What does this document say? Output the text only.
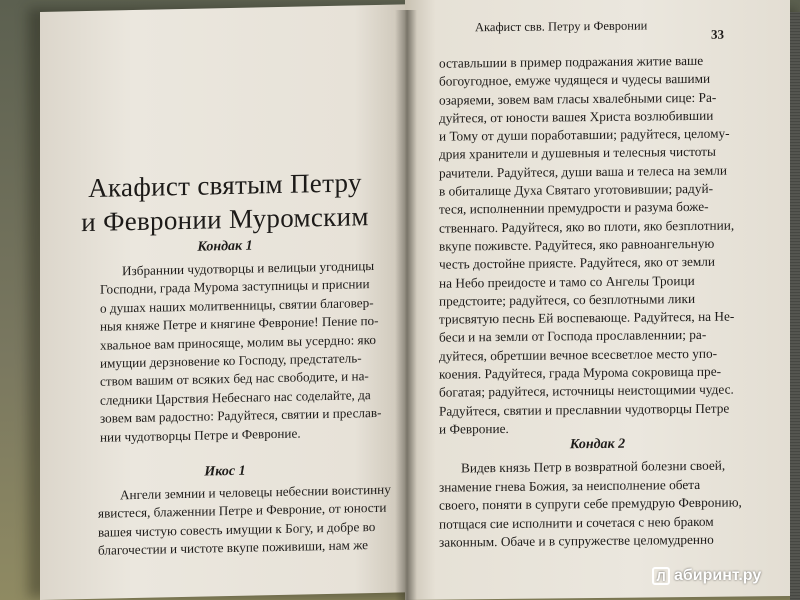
Акафист святым Петру
и Февронии Муромским
Кондак 1
Избраннии чудотворцы и велицыи угодницы
Господни, града Мурома заступницы и приснии
о душах наших молитвенницы, святии благовер-
ныя княже Петре и княгине Февроние! Пение по-
хвальное вам приносяще, молим вы усердно: яко
имущии дерзновение ко Господу, предстатель-
ством вашим от всяких бед нас свободите, и на-
следники Царствия Небеснаго нас соделайте, да
зовем вам радостно: Радуйтеся, святии и преслав-
нии чудотворцы Петре и Февроние.
Икос 1
Ангели земнии и человецы небеснии воистинну
явистеся, блаженнии Петре и Февроние, от юности
вашея чистую совесть имущии к Богу, и добре во
благочестии и чистоте вкупе поживиши, нам же
Акафист свв. Петру и Февронии	33
оставльшии в пример подражания житие ваше
богоугодное, емуже чудящеся и чудесы вашими
озаряеми, зовем вам гласы хвалебными сице: Ра-
дуйтеся, от юности вашея Христа возлюбившии
и Тому от души поработавшии; радуйтеся, целому-
дрия хранители и душевныя и телесныя чистоты
рачители. Радуйтеся, души ваша и телеса на земли
в обиталище Духа Святаго уготовившии; радуй-
теся, исполненнии премудрости и разума боже-
ственнаго. Радуйтеся, яко во плоти, яко безплотнии,
вкупе поживсте. Радуйтеся, яко равноангельную
честь достойне приясте. Радуйтеся, яко от земли
на Небо преидосте и тамо со Ангелы Троици
предстоите; радуйтеся, со безплотными лики
трисвятую песнь Ей воспевающе. Радуйтеся, на Не-
беси и на земли от Господа прославленнии; ра-
дуйтеся, обретшии вечное всесветлое место упо-
коения. Радуйтеся, града Мурома сокровища пре-
богатая; радуйтеся, источницы неистощимии чудес.
Радуйтеся, святии и преславнии чудотворцы Петре
и Февроние.
Кондак 2
Видев князь Петр в возвратной болезни своей,
знамение гнева Божия, за неисполнение обета
своего, поняти в супруги себе премудрую Февронию,
потщася сие исполнити и сочетася с нею браком
законным. Обаче и в супружестве целомудренно
Л абиринт.ру
